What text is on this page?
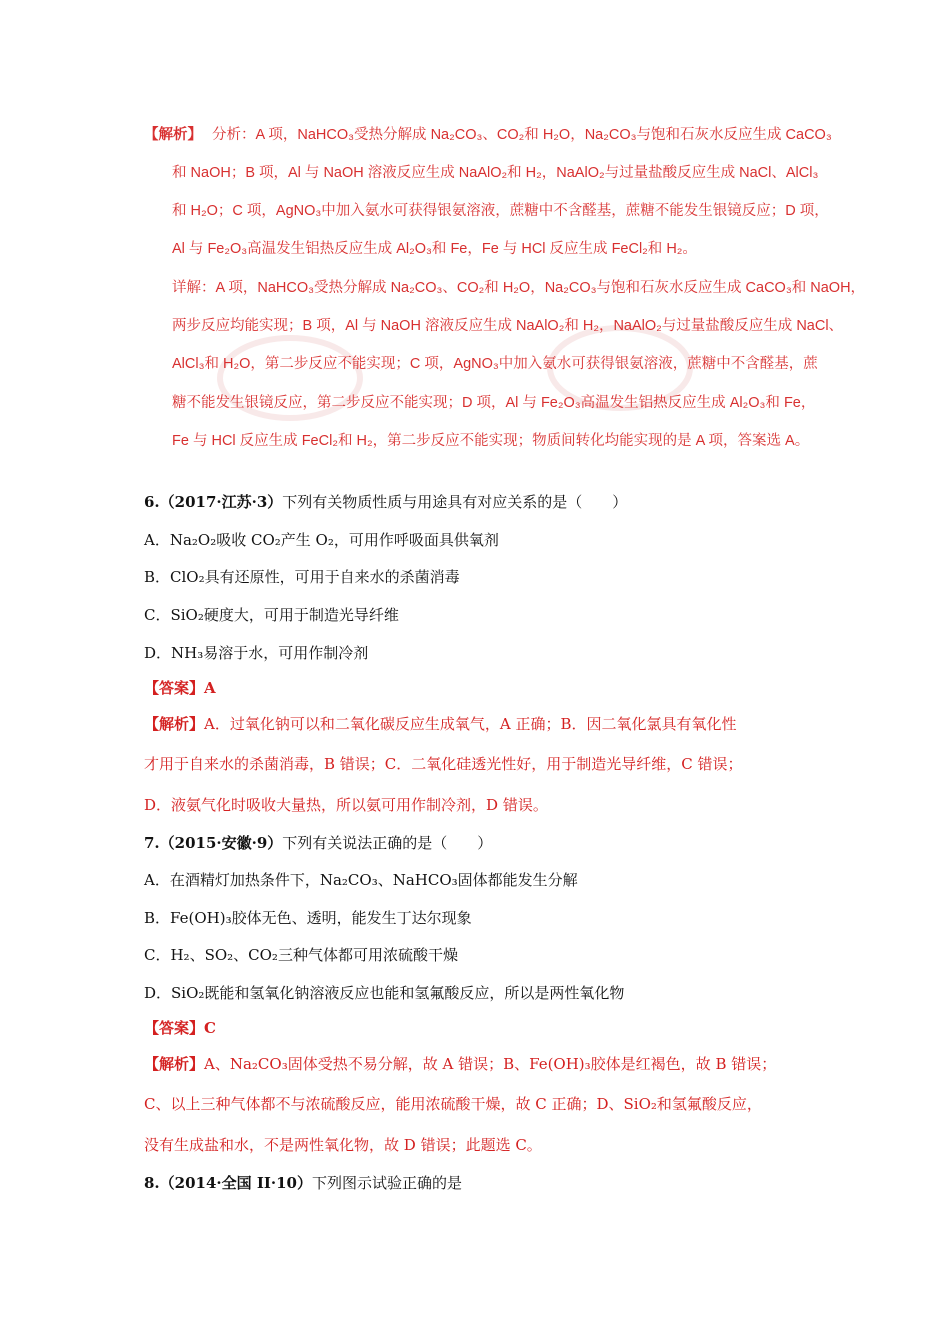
【解析】 分析：A 项，NaHCO₃受热分解成 Na₂CO₃、CO₂和 H₂O，Na₂CO₃与饱和石灰水反应生成 CaCO₃
和 NaOH；B 项，Al 与 NaOH 溶液反应生成 NaAlO₂和 H₂，NaAlO₂与过量盐酸反应生成 NaCl、AlCl₃
和 H₂O；C 项，AgNO₃中加入氨水可获得银氨溶液，蔗糖中不含醛基，蔗糖不能发生银镜反应；D 项，
Al 与 Fe₂O₃高温发生铝热反应生成 Al₂O₃和 Fe，Fe 与 HCl 反应生成 FeCl₂和 H₂。
详解：A 项，NaHCO₃受热分解成 Na₂CO₃、CO₂和 H₂O，Na₂CO₃与饱和石灰水反应生成 CaCO₃和 NaOH，
两步反应均能实现；B 项，Al 与 NaOH 溶液反应生成 NaAlO₂和 H₂，NaAlO₂与过量盐酸反应生成 NaCl、
AlCl₃和 H₂O，第二步反应不能实现；C 项，AgNO₃中加入氨水可获得银氨溶液，蔗糖中不含醛基，蔗
糖不能发生银镜反应，第二步反应不能实现；D 项，Al 与 Fe₂O₃高温发生铝热反应生成 Al₂O₃和 Fe，
Fe 与 HCl 反应生成 FeCl₂和 H₂，第二步反应不能实现；物质间转化均能实现的是 A 项，答案选 A。
6.（2017·江苏·3）下列有关物质性质与用途具有对应关系的是（　　）
A．Na₂O₂吸收 CO₂产生 O₂，可用作呼吸面具供氧剂
B．ClO₂具有还原性，可用于自来水的杀菌消毒
C．SiO₂硬度大，可用于制造光导纤维
D．NH₃易溶于水，可用作制冷剂
【答案】A
【解析】A．过氧化钠可以和二氧化碳反应生成氧气，A 正确；B．因二氧化氯具有氧化性
才用于自来水的杀菌消毒，B 错误；C．二氧化硅透光性好，用于制造光导纤维，C 错误；
D．液氨气化时吸收大量热，所以氨可用作制冷剂，D 错误。
7.（2015·安徽·9）下列有关说法正确的是（　　）
A．在酒精灯加热条件下，Na₂CO₃、NaHCO₃固体都能发生分解
B．Fe(OH)₃胶体无色、透明，能发生丁达尔现象
C．H₂、SO₂、CO₂三种气体都可用浓硫酸干燥
D．SiO₂既能和氢氧化钠溶液反应也能和氢氟酸反应，所以是两性氧化物
【答案】C
【解析】A、Na₂CO₃固体受热不易分解，故 A 错误；B、Fe(OH)₃胶体是红褐色，故 B 错误；
C、以上三种气体都不与浓硫酸反应，能用浓硫酸干燥，故 C 正确；D、SiO₂和氢氟酸反应，
没有生成盐和水，不是两性氧化物，故 D 错误；此题选 C。
8.（2014·全国 II·10）下列图示试验正确的是
